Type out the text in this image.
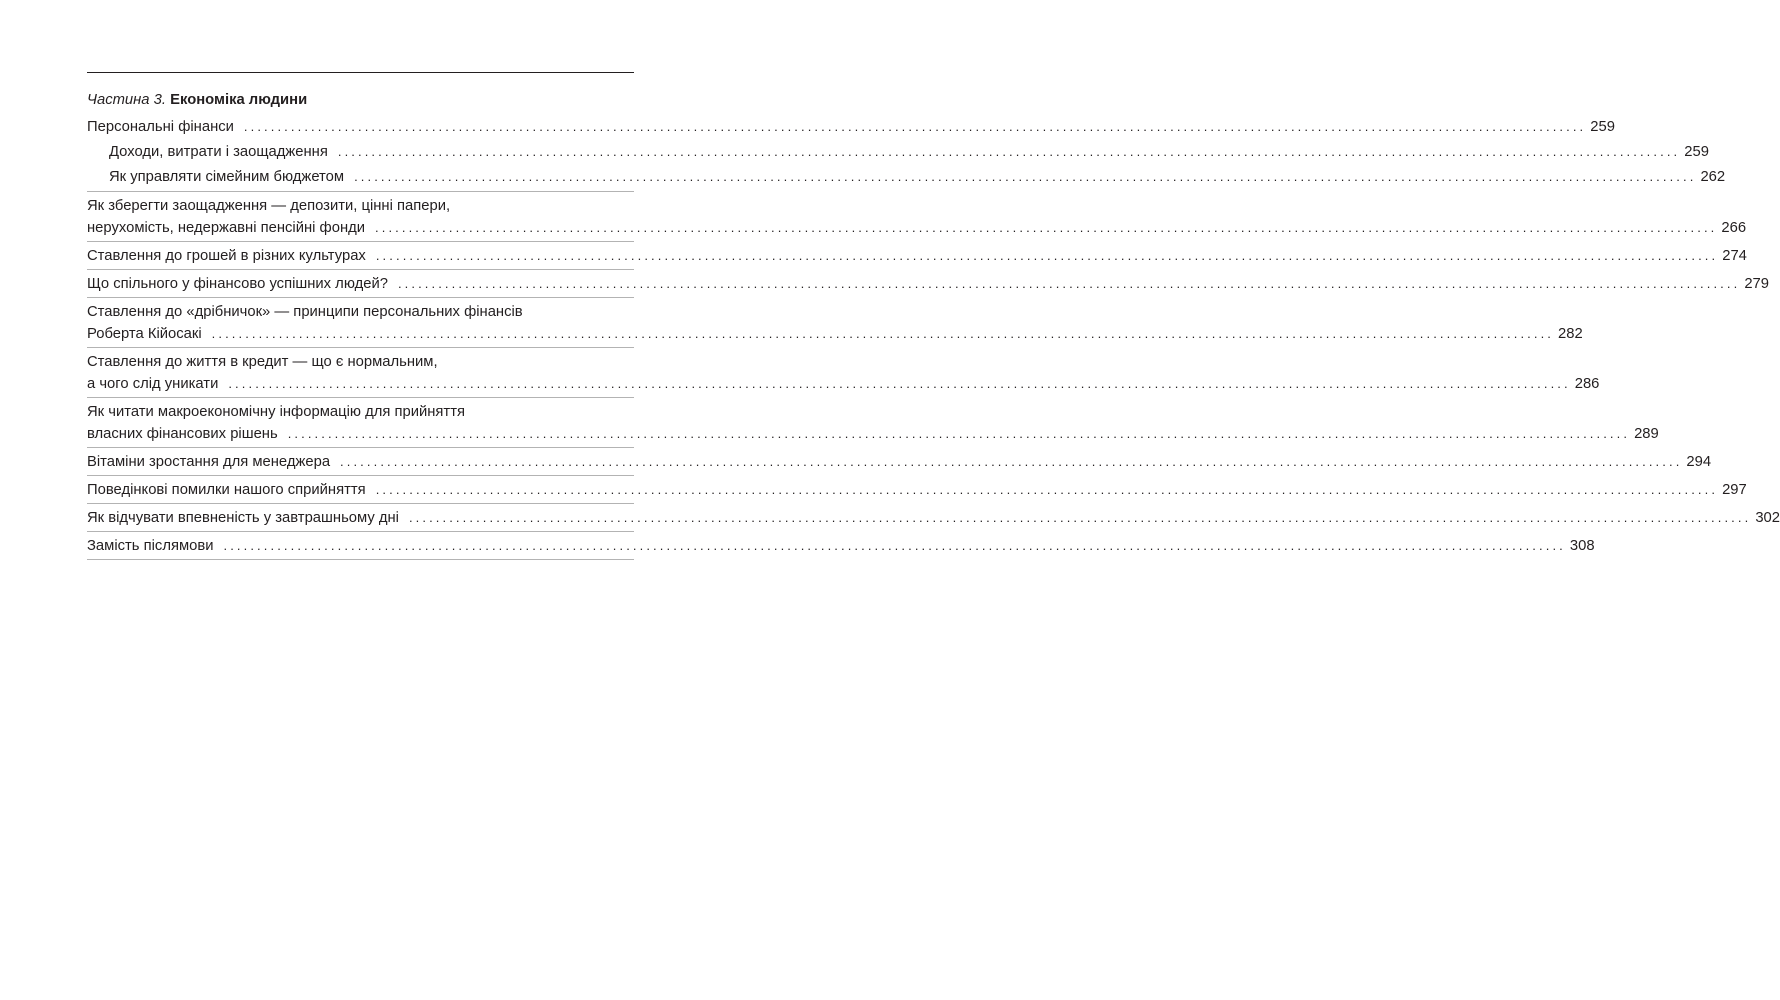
Частина 3. Економіка людини
Персональні фінанси ........................................................................................................................................................................................................ 259
Доходи, витрати і заощадження ........................................................................................................................................................................................................ 259
Як управляти сімейним бюджетом ........................................................................................................................................................................................................ 262
Як зберегти заощадження — депозити, цінні папери,
нерухомість, недержавні пенсійні фонди ........................................................................................................................................................................................................ 266
Ставлення до грошей в різних культурах ........................................................................................................................................................................................................ 274
Що спільного у фінансово успішних людей? ........................................................................................................................................................................................................ 279
Ставлення до «дрібничок» — принципи персональних фінансів
Роберта Кійосакі ........................................................................................................................................................................................................ 282
Ставлення до життя в кредит — що є нормальним,
а чого слід уникати ........................................................................................................................................................................................................ 286
Як читати макроекономічну інформацію для прийняття
власних фінансових рішень ........................................................................................................................................................................................................ 289
Вітаміни зростання для менеджера ........................................................................................................................................................................................................ 294
Поведінкові помилки нашого сприйняття ........................................................................................................................................................................................................ 297
Як відчувати впевненість у завтрашньому дні ........................................................................................................................................................................................................ 302
Замість післямови ........................................................................................................................................................................................................ 308
